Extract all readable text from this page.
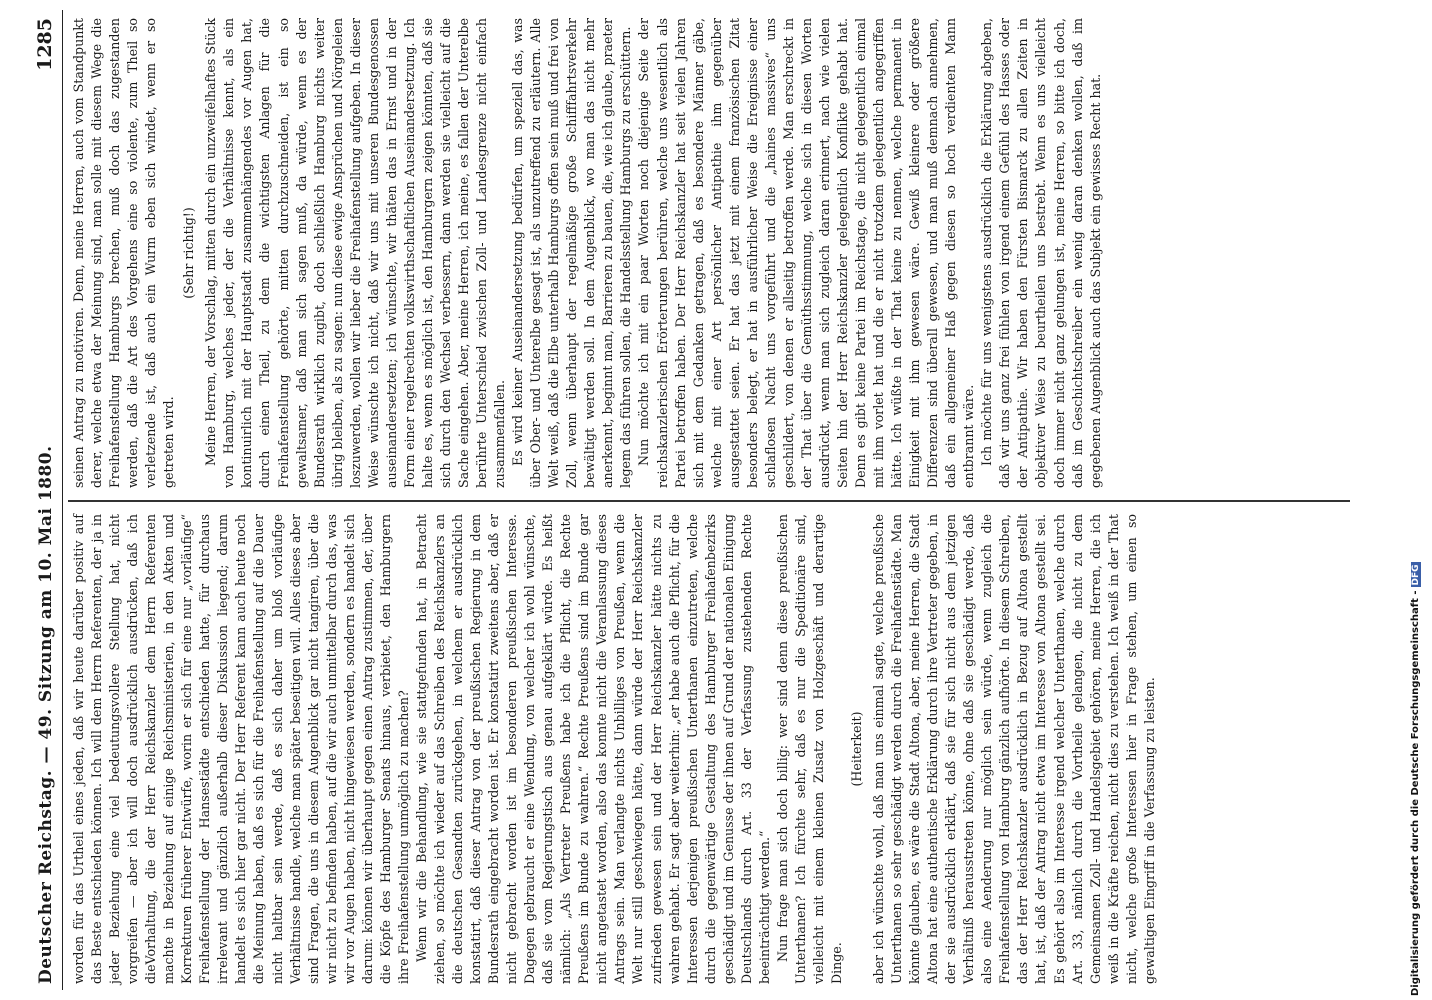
Deutscher Reichstag. — 49. Sitzung am 10. Mai 1880.
1285

worden für das Urtheil eines jeden, daß wir heute darüber positiv auf das Beste entschieden können. Ich will dem Herrn Referenten, der ja in jeder Beziehung eine viel bedeutungsvollere Stellung hat, nicht vorgreifen — aber ich will doch ausdrücklich ausdrücken, daß ich dieVorhaltung, die der Herr Reichskanzler dem Herrn Referenten machte in Beziehung auf einige Reichsministerien, in den Akten und Korrekturen früherer Entwürfe, worin er sich für eine nur „vorläufige“ Freihafenstellung der Hansestädte entschieden hatte, für durchaus irrelevant und gänzlich außerhalb dieser Diskussion liegend; darum handelt es sich hier gar nicht. Der Herr Referent kann auch heute noch die Meinung haben, daß es sich für die Freihafenstellung auf die Dauer nicht haltbar sein werde, daß es sich daher um bloß vorläufige Verhältnisse handle, welche man später beseitigen will. Alles dieses aber sind Fragen, die uns in diesem Augenblick gar nicht tangiren, über die wir nicht zu befinden haben, auf die wir auch unmittelbar durch das, was wir vor Augen haben, nicht hingewiesen werden, sondern es handelt sich darum: können wir überhaupt gegen einen Antrag zustimmen, der, über die Köpfe des Hamburger Senats hinaus, verbietet, den Hamburgern ihre Freihafenstellung unmöglich zu machen? Wenn wir die Behandlung, wie sie stattgefunden hat, in Betracht ziehen, so möchte ich wieder auf das Schreiben des Reichskanzlers an die deutschen Gesandten zurückgehen, in welchem er ausdrücklich konstatirt, daß dieser Antrag von der preußischen Regierung in dem Bundesrath eingebracht worden ist. Er konstatirt zweitens aber, daß er nicht gebracht worden ist im besonderen preußischen Interesse. Dagegen gebraucht er eine Wendung, von welcher ich wohl wünschte, daß sie vom Regierungstisch aus genau aufgeklärt würde. Es heißt nämlich: „Als Vertreter Preußens habe ich die Pflicht, die Rechte Preußens im Bunde zu wahren.“ Rechte Preußens sind im Bunde gar nicht angetastet worden, also das konnte nicht die Veranlassung dieses Antrags sein. Man verlangte nichts Unbilliges von Preußen, wenn die Welt nur still geschwiegen hätte, dann würde der Herr Reichskanzler zufrieden gewesen sein und der Herr Reichskanzler hätte nichts zu wahren gehabt. Er sagt aber weiterhin: „er habe auch die Pflicht, für die Interessen derjenigen preußischen Unterthanen einzutreten, welche durch die gegenwärtige Gestaltung des Hamburger Freihafenbezirks geschädigt und im Genusse der ihnen auf Grund der nationalen Einigung Deutschlands durch Art. 33 der Verfassung zustehenden Rechte beeinträchtigt werden.“ Nun frage man sich doch billig: wer sind denn diese preußischen Unterthanen? Ich fürchte sehr, daß es nur die Speditionäre sind, vielleicht mit einem kleinen Zusatz von Holzgeschäft und derartige Dinge.

(Heiterkeit) aber ich wünschte wohl, daß man uns einmal sagte, welche preußische Unterthanen so sehr geschädigt werden durch die Freihafenstädte. Man könnte glauben, es wäre die Stadt Altona, aber, meine Herren, die Stadt Altona hat eine authentische Erklärung durch ihre Vertreter gegeben, in der sie ausdrücklich erklärt, daß sie für sich nicht aus dem jetzigen Verhältniß herausstreten könne, ohne daß sie geschädigt werde, daß also eine Aenderung nur möglich sein würde, wenn zugleich die Freihafenstellung von Hamburg gänzlich aufhörte. In diesem Schreiben, das der Herr Reichskanzler ausdrücklich in Bezug auf Altona gestellt hat, ist, daß der Antrag nicht etwa im Interesse von Altona gestellt sei. Es gehört also im Interesse irgend welcher Unterthanen, welche durch Art. 33, nämlich durch die Vortheile gelangen, die nicht zu dem Gemeinsamen Zoll- und Handelsgebiet gehören, meine Herren, die ich weiß in die Kräfte reichen, nicht dies zu verstehen. Ich weiß in der That nicht, welche große Interessen hier in Frage stehen, um einen so gewaltigen Eingriff in die Verfassung zu leisten.

seinen Antrag zu motiviren. Denn, meine Herren, auch vom Standpunkt derer, welche etwa der Meinung sind, man solle mit diesem Wege die Freihafenstellung Hamburgs brechen, muß doch das zugestanden werden, daß die Art des Vorgehens eine so violente, zum Theil so verletzende ist, daß auch ein Wurm eben sich windet, wenn er so getreten wird.

(Sehr richtig!) Meine Herren, der Vorschlag, mitten durch ein unzweifelhaftes Stück von Hamburg, welches jeder, der die Verhältnisse kennt, als ein kontinuirlich mit der Hauptstadt zusammenhängendes vor Augen hat, durch einen Theil, zu dem die wichtigsten Anlagen für die Freihafenstellung gehörte, mitten durchzuschneiden, ist ein so gewaltsamer, daß man sich sagen muß, da würde, wenn es der Bundesrath wirklich zugibt, doch schließlich Hamburg nichts weiter übrig bleiben, als zu sagen: nun diese ewige Ansprüchen und Nörgeleien loszuwerden, wollen wir lieber die Freihafenstellung aufgeben. In dieser Weise wünschte ich nicht, daß wir uns mit unseren Bundesgenossen auseinandersetzten; ich wünschte, wir thäten das in Ernst und in der Form einer regelrechten volkswirthschaftlichen Auseinandersetzung. Ich halte es, wenn es möglich ist, den Hamburgern zeigen könnten, daß sie sich durch den Wechsel verbessern, dann werden sie vielleicht auf die Sache eingehen. Aber, meine Herren, ich meine, es fallen der Unterelbe berührte Unterschied zwischen Zoll- und Landesgrenze nicht einfach zusammenfallen. Es wird keiner Auseinandersetzung bedürfen, um speziell das, was über Ober- und Unterelbe gesagt ist, als unzutreffend zu erläutern. Alle Welt weiß, daß die Elbe unterhalb Hamburgs offen sein muß und frei von Zoll, wenn überhaupt der regelmäßige große Schifffahrtsverkehr bewältigt werden soll. In dem Augenblick, wo man das nicht mehr anerkennt, beginnt man, Barrieren zu bauen, die, wie ich glaube, praeter legem das führen sollen, die Handelsstellung Hamburgs zu erschüttern. Nun möchte ich mit ein paar Worten noch diejenige Seite der reichskanzlerischen Erörterungen berühren, welche uns wesentlich als Partei betroffen haben. Der Herr Reichskanzler hat seit vielen Jahren sich mit dem Gedanken getragen, daß es besondere Männer gäbe, welche mit einer Art persönlicher Antipathie ihm gegenüber ausgestattet seien. Er hat das jetzt mit einem französischen Zitat besonders belegt, er hat in ausführlicher Weise die Ereignisse einer schlaflosen Nacht uns vorgeführt und die „haines massives“ uns geschildert, von denen er allseitig betroffen werde. Man erschreckt in der That über die Gemüthsstimmung, welche sich in diesen Worten ausdrückt, wenn man sich zugleich daran erinnert, nach wie vielen Seiten hin der Herr Reichskanzler gelegentlich Konflikte gehabt hat. Denn es gibt keine Partei im Reichstage, die nicht gelegentlich einmal mit ihm vorlet hat und die er nicht trotzdem gelegentlich angegriffen hätte. Ich wüßte in der That keine zu nennen, welche permanent in Einigkeit mit ihm gewesen wäre. Gewiß kleinere oder größere Differenzen sind überall gewesen, und man muß demnach annehmen, daß ein allgemeiner Haß gegen diesen so hoch verdienten Mann entbrannt wäre. Ich möchte für uns wenigstens ausdrücklich die Erklärung abgeben, daß wir uns ganz frei fühlen von irgend einem Gefühl des Hasses oder der Antipathie. Wir haben den Fürsten Bismarck zu allen Zeiten in objektiver Weise zu beurtheilen uns bestrebt. Wenn es uns vielleicht doch immer nicht ganz gelungen ist, meine Herren, so bitte ich doch, daß im Geschichtschreiber ein wenig daran denken wollen, daß im gegebenen Augenblick auch das Subjekt ein gewisses Recht hat.

Digitalisierung gefördert durch die Deutsche Forschungsgemeinschaft -DFG
